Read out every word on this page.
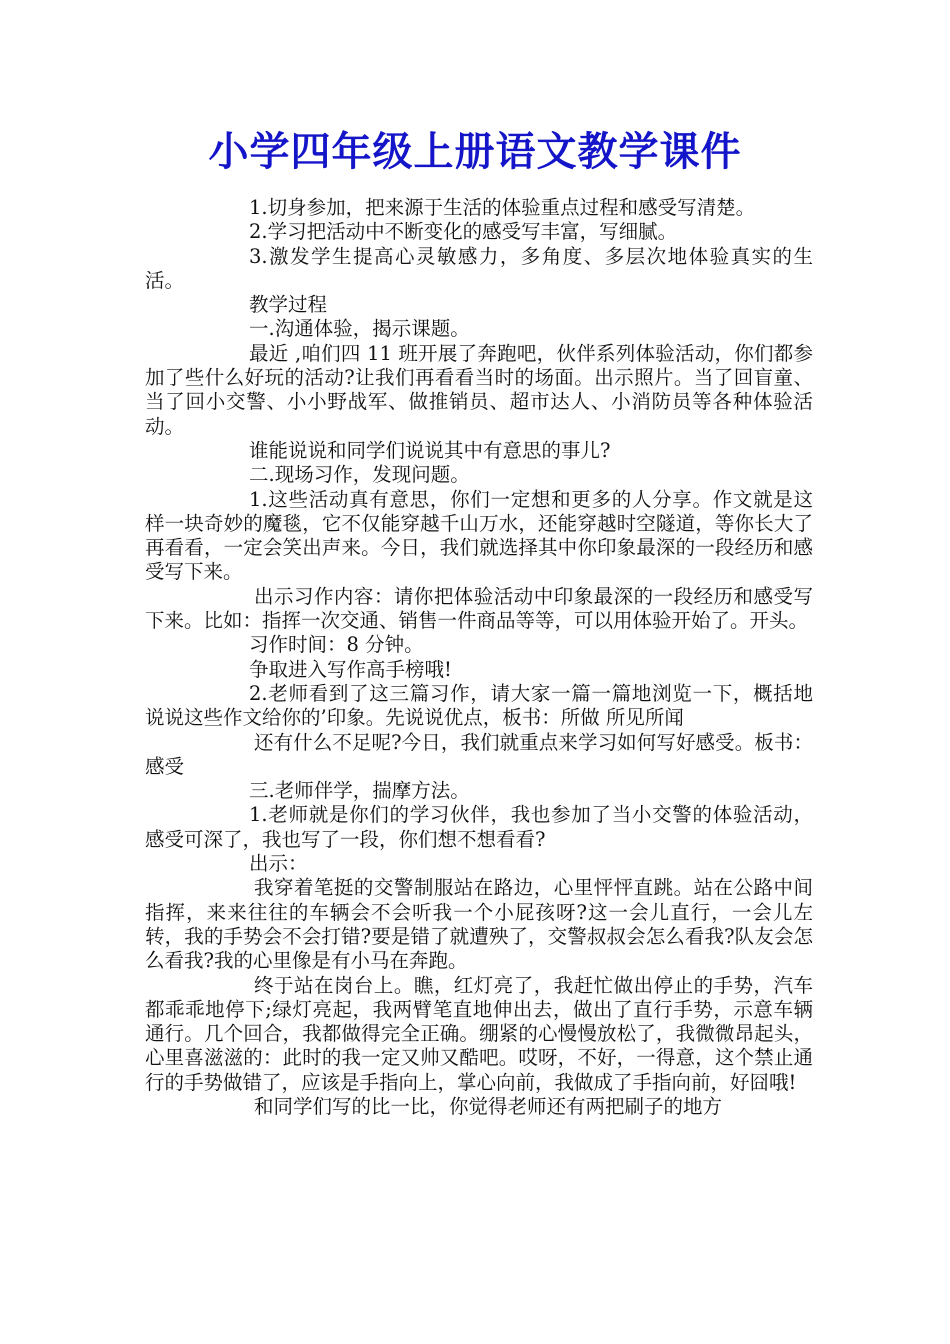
小学四年级上册语文教学课件

1.切身参加，把来源于生活的体验重点过程和感受写清楚。

2.学习把活动中不断变化的感受写丰富，写细腻。

3.激发学生提高心灵敏感力，多角度、多层次地体验真实的生活。

教学过程

一.沟通体验，揭示课题。

最近 ,咱们四 11 班开展了奔跑吧，伙伴系列体验活动，你们都参加了些什么好玩的活动?让我们再看看当时的场面。出示照片。当了回盲童、当了回小交警、小小野战军、做推销员、超市达人、小消防员等各种体验活动。

谁能说说和同学们说说其中有意思的事儿?

二.现场习作，发现问题。

1.这些活动真有意思，你们一定想和更多的人分享。作文就是这样一块奇妙的魔毯，它不仅能穿越千山万水，还能穿越时空隧道，等你长大了再看看，一定会笑出声来。今日，我们就选择其中你印象最深的一段经历和感受写下来。

出示习作内容：请你把体验活动中印象最深的一段经历和感受写下来。比如：指挥一次交通、销售一件商品等等，可以用体验开始了。开头。

习作时间：8 分钟。

争取进入写作高手榜哦!

2.老师看到了这三篇习作，请大家一篇一篇地浏览一下，概括地说说这些作文给你的’印象。先说说优点，板书：所做 所见所闻

还有什么不足呢?今日，我们就重点来学习如何写好感受。板书：感受

三.老师伴学，揣摩方法。

1.老师就是你们的学习伙伴，我也参加了当小交警的体验活动，感受可深了，我也写了一段，你们想不想看看?

出示：

我穿着笔挺的交警制服站在路边，心里怦怦直跳。站在公路中间指挥，来来往往的车辆会不会听我一个小屁孩呀?这一会儿直行，一会儿左转，我的手势会不会打错?要是错了就遭殃了，交警叔叔会怎么看我?队友会怎么看我?我的心里像是有小马在奔跑。

终于站在岗台上。瞧，红灯亮了，我赶忙做出停止的手势，汽车都乖乖地停下;绿灯亮起，我两臂笔直地伸出去，做出了直行手势，示意车辆通行。几个回合，我都做得完全正确。绷紧的心慢慢放松了，我微微昂起头，心里喜滋滋的：此时的我一定又帅又酷吧。哎呀，不好，一得意，这个禁止通行的手势做错了，应该是手指向上，掌心向前，我做成了手指向前，好囧哦!

和同学们写的比一比，你觉得老师还有两把刷子的地方
